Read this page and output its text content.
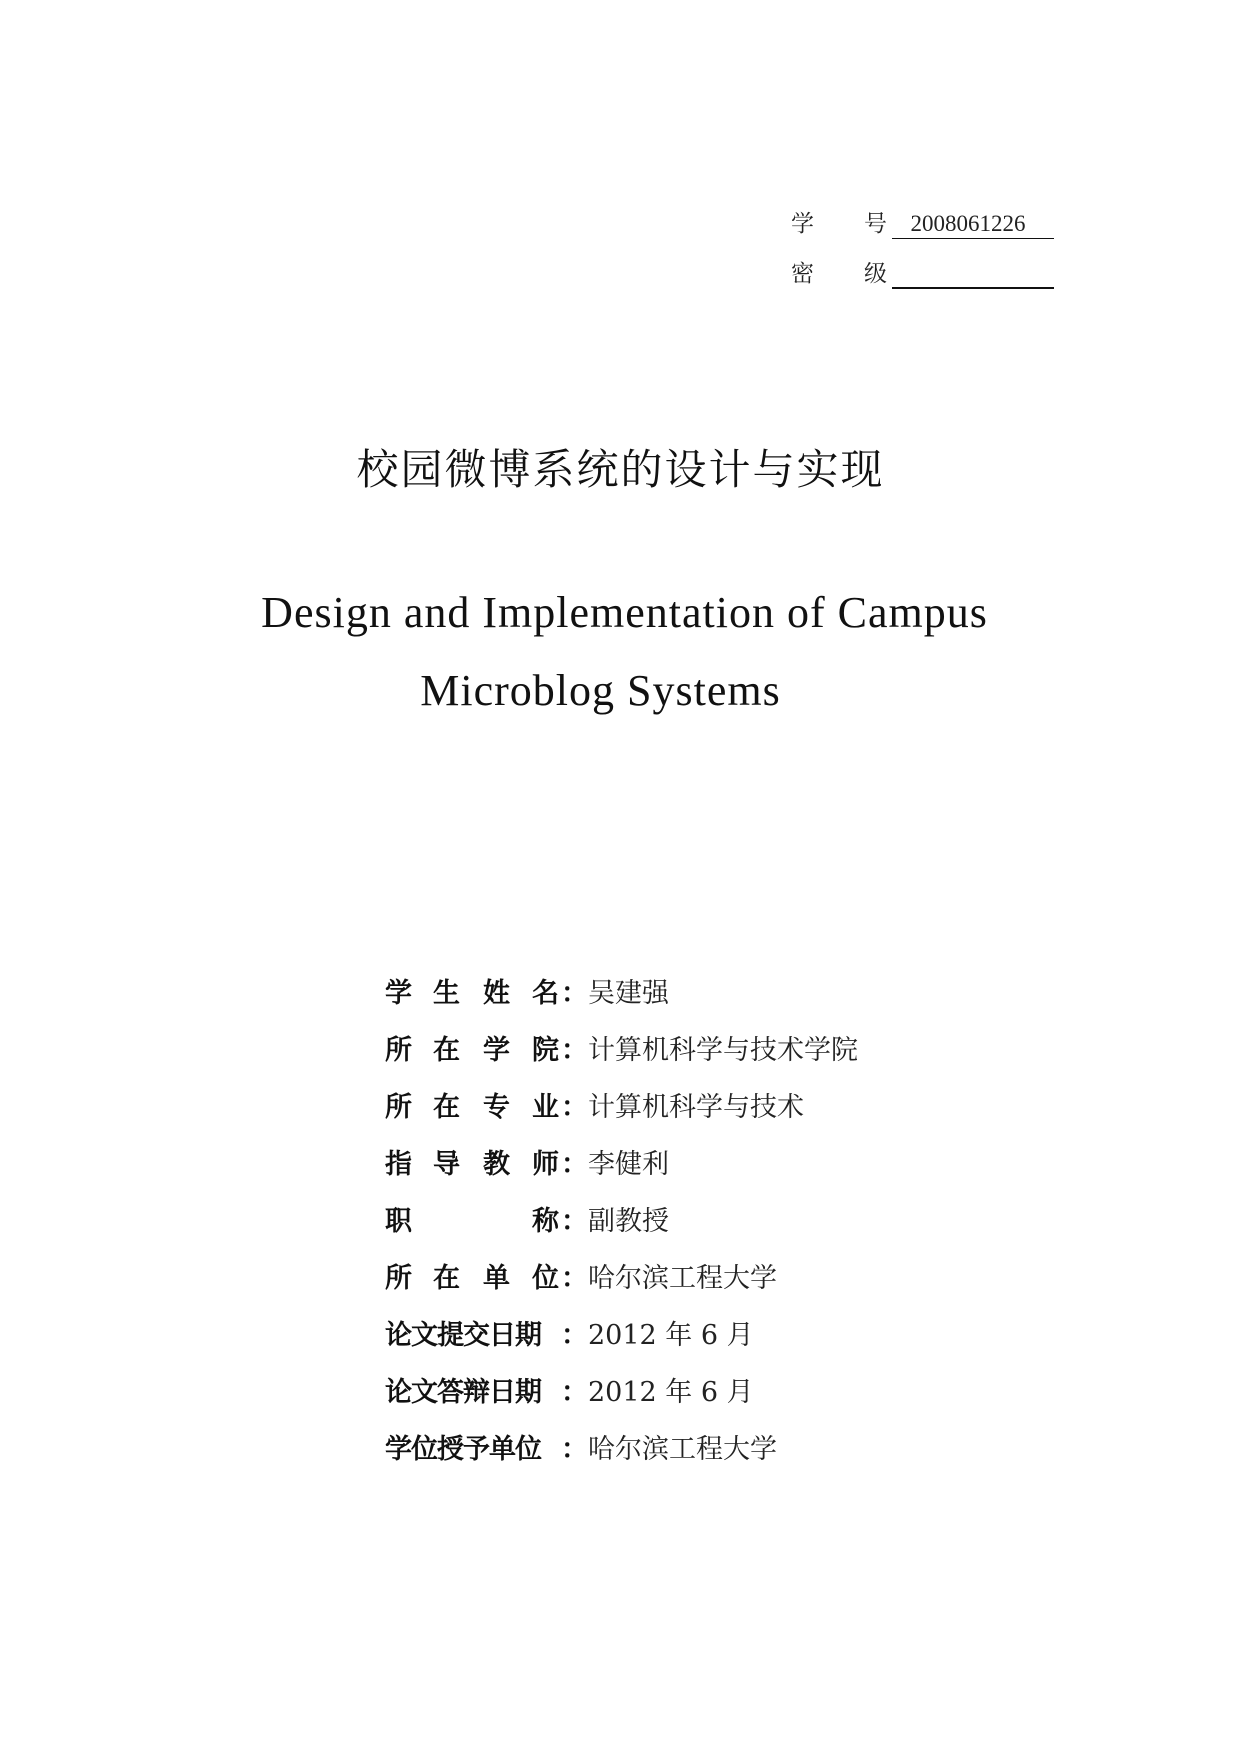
学 号	2008061226
密 级
校园微博系统的设计与实现
Design and Implementation of Campus
Microblog Systems
学 生 姓 名 ： 吴建强
所 在 学 院 ： 计算机科学与技术学院
所 在 专 业 ： 计算机科学与技术
指 导 教 师 ： 李健利
职	称 ： 副教授
所 在 单 位 ： 哈尔滨工程大学
论文提交日期 ： 2012 年 6 月
论文答辩日期 ： 2012 年 6 月
学位授予单位 ： 哈尔滨工程大学
